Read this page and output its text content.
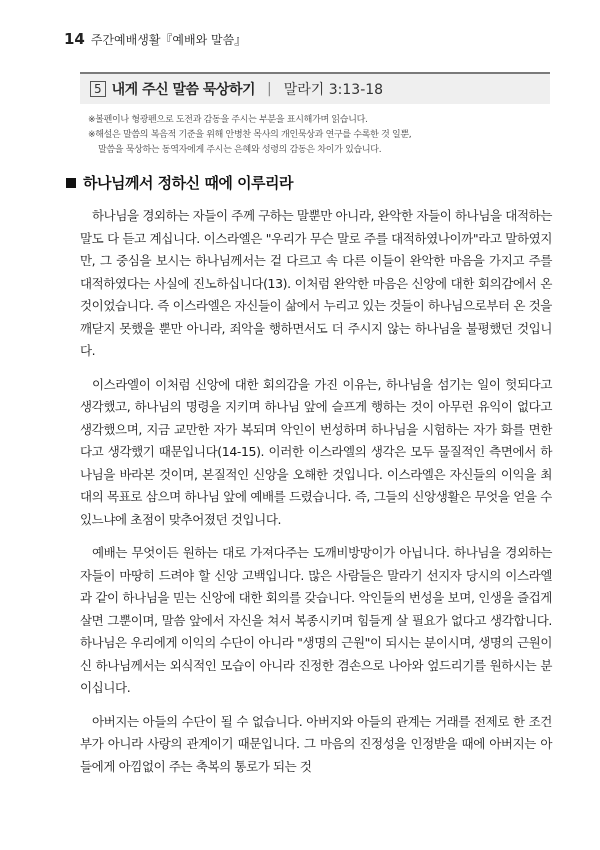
14 주간예배생활『예배와 말씀』
5 내게 주신 말씀 묵상하기 | 말라기 3:13-18

※볼펜이나 형광펜으로 도전과 감동을 주시는 부분을 표시해가며 읽습니다.

※해설은 말씀의 복음적 기준을 위해 안병찬 목사의 개인묵상과 연구를 수록한 것 일뿐,

말씀을 묵상하는 동역자에게 주시는 은혜와 성령의 감동은 차이가 있습니다.

하나님께서 정하신 때에 이루리라

하나님을 경외하는 자들이 주께 구하는 말뿐만 아니라, 완악한 자들이 하나님을 대적하는 말도 다 듣고 계십니다. 이스라엘은 "우리가 무슨 말로 주를 대적하였나이까"라고 말하였지만, 그 중심을 보시는 하나님께서는 겉 다르고 속 다른 이들이 완악한 마음을 가지고 주를 대적하였다는 사실에 진노하십니다(13). 이처럼 완악한 마음은 신앙에 대한 회의감에서 온 것이었습니다. 즉 이스라엘은 자신들이 삶에서 누리고 있는 것들이 하나님으로부터 온 것을 깨닫지 못했을 뿐만 아니라, 죄악을 행하면서도 더 주시지 않는 하나님을 불평했던 것입니다.

이스라엘이 이처럼 신앙에 대한 회의감을 가진 이유는, 하나님을 섬기는 일이 헛되다고 생각했고, 하나님의 명령을 지키며 하나님 앞에 슬프게 행하는 것이 아무런 유익이 없다고 생각했으며, 지금 교만한 자가 복되며 악인이 번성하며 하나님을 시험하는 자가 화를 면한다고 생각했기 때문입니다(14-15). 이러한 이스라엘의 생각은 모두 물질적인 측면에서 하나님을 바라본 것이며, 본질적인 신앙을 오해한 것입니다. 이스라엘은 자신들의 이익을 최대의 목표로 삼으며 하나님 앞에 예배를 드렸습니다. 즉, 그들의 신앙생활은 무엇을 얻을 수 있느냐에 초점이 맞추어졌던 것입니다.

예배는 무엇이든 원하는 대로 가져다주는 도깨비방망이가 아닙니다. 하나님을 경외하는 자들이 마땅히 드려야 할 신앙 고백입니다. 많은 사람들은 말라기 선지자 당시의 이스라엘과 같이 하나님을 믿는 신앙에 대한 회의를 갖습니다. 악인들의 번성을 보며, 인생을 즐겁게 살면 그뿐이며, 말씀 앞에서 자신을 쳐서 복종시키며 힘들게 살 필요가 없다고 생각합니다. 하나님은 우리에게 이익의 수단이 아니라 "생명의 근원"이 되시는 분이시며, 생명의 근원이신 하나님께서는 외식적인 모습이 아니라 진정한 겸손으로 나아와 엎드리기를 원하시는 분이십니다.

아버지는 아들의 수단이 될 수 없습니다. 아버지와 아들의 관계는 거래를 전제로 한 조건부가 아니라 사랑의 관계이기 때문입니다. 그 마음의 진정성을 인정받을 때에 아버지는 아들에게 아낌없이 주는 축복의 통로가 되는 것
